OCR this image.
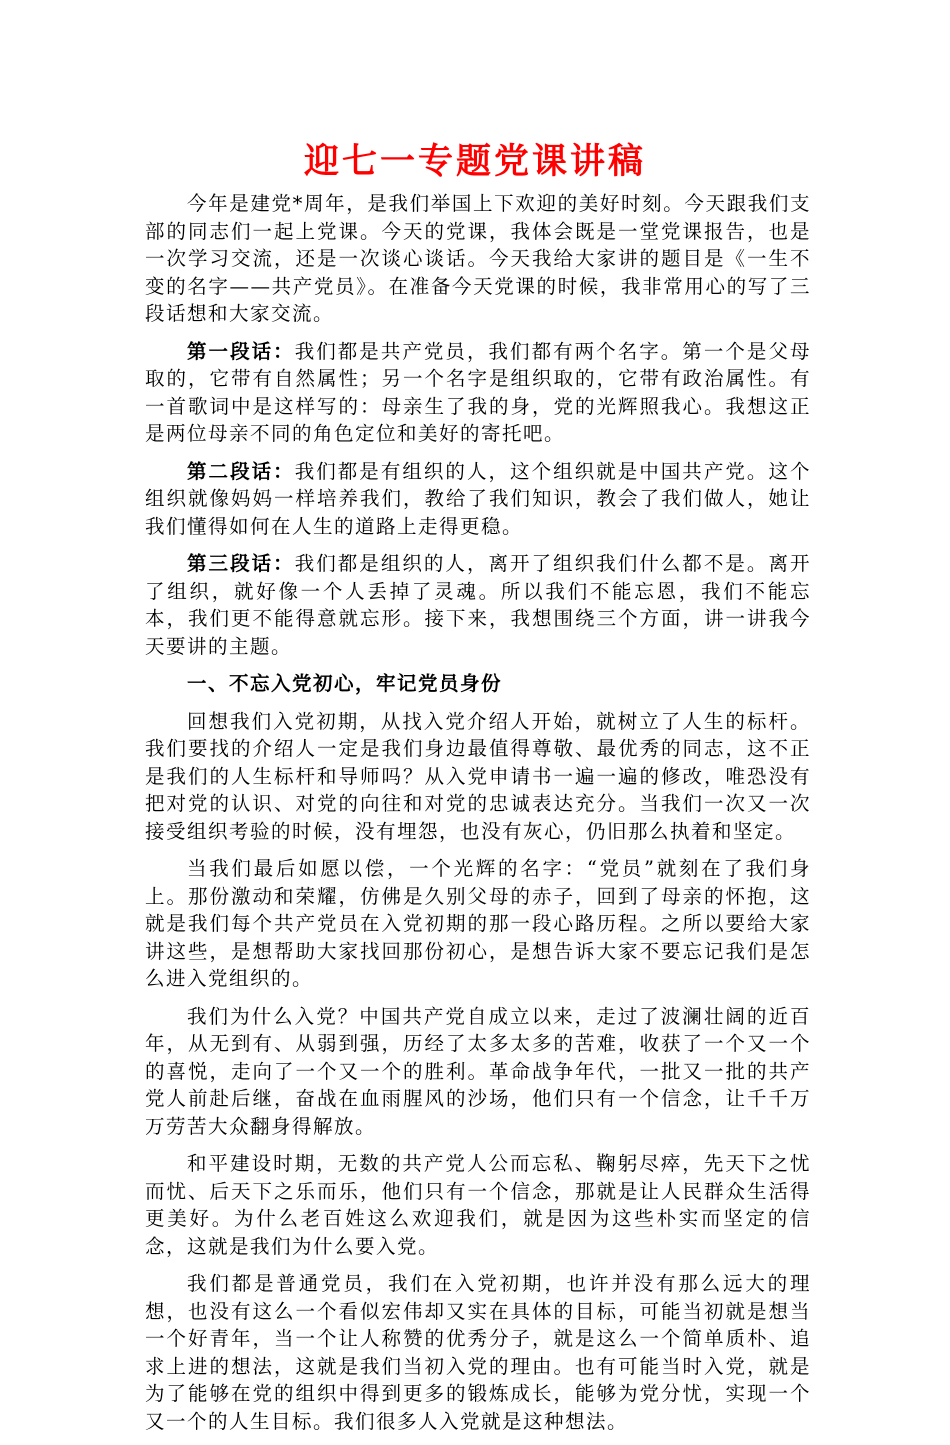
迎七一专题党课讲稿

今年是建党*周年，是我们举国上下欢迎的美好时刻。今天跟我们支部的同志们一起上党课。今天的党课，我体会既是一堂党课报告，也是一次学习交流，还是一次谈心谈话。今天我给大家讲的题目是《一生不变的名字——共产党员》。在准备今天党课的时候，我非常用心的写了三段话想和大家交流。

第一段话：我们都是共产党员，我们都有两个名字。第一个是父母取的，它带有自然属性；另一个名字是组织取的，它带有政治属性。有一首歌词中是这样写的：母亲生了我的身，党的光辉照我心。我想这正是两位母亲不同的角色定位和美好的寄托吧。

第二段话：我们都是有组织的人，这个组织就是中国共产党。这个组织就像妈妈一样培养我们，教给了我们知识，教会了我们做人，她让我们懂得如何在人生的道路上走得更稳。

第三段话：我们都是组织的人，离开了组织我们什么都不是。离开了组织，就好像一个人丢掉了灵魂。所以我们不能忘恩，我们不能忘本，我们更不能得意就忘形。接下来，我想围绕三个方面，讲一讲我今天要讲的主题。

一、不忘入党初心，牢记党员身份

回想我们入党初期，从找入党介绍人开始，就树立了人生的标杆。我们要找的介绍人一定是我们身边最值得尊敬、最优秀的同志，这不正是我们的人生标杆和导师吗？从入党申请书一遍一遍的修改，唯恐没有把对党的认识、对党的向往和对党的忠诚表达充分。当我们一次又一次接受组织考验的时候，没有埋怨，也没有灰心，仍旧那么执着和坚定。

当我们最后如愿以偿，一个光辉的名字：“党员”就刻在了我们身上。那份激动和荣耀，仿佛是久别父母的赤子，回到了母亲的怀抱，这就是我们每个共产党员在入党初期的那一段心路历程。之所以要给大家讲这些，是想帮助大家找回那份初心，是想告诉大家不要忘记我们是怎么进入党组织的。

我们为什么入党？中国共产党自成立以来，走过了波澜壮阔的近百年，从无到有、从弱到强，历经了太多太多的苦难，收获了一个又一个的喜悦，走向了一个又一个的胜利。革命战争年代，一批又一批的共产党人前赴后继，奋战在血雨腥风的沙场，他们只有一个信念，让千千万万劳苦大众翻身得解放。

和平建设时期，无数的共产党人公而忘私、鞠躬尽瘁，先天下之忧而忧、后天下之乐而乐，他们只有一个信念，那就是让人民群众生活得更美好。为什么老百姓这么欢迎我们，就是因为这些朴实而坚定的信念，这就是我们为什么要入党。

我们都是普通党员，我们在入党初期，也许并没有那么远大的理想，也没有这么一个看似宏伟却又实在具体的目标，可能当初就是想当一个好青年，当一个让人称赞的优秀分子，就是这么一个简单质朴、追求上进的想法，这就是我们当初入党的理由。也有可能当时入党，就是为了能够在党的组织中得到更多的锻炼成长，能够为党分忧，实现一个又一个的人生目标。我们很多人入党就是这种想法。
